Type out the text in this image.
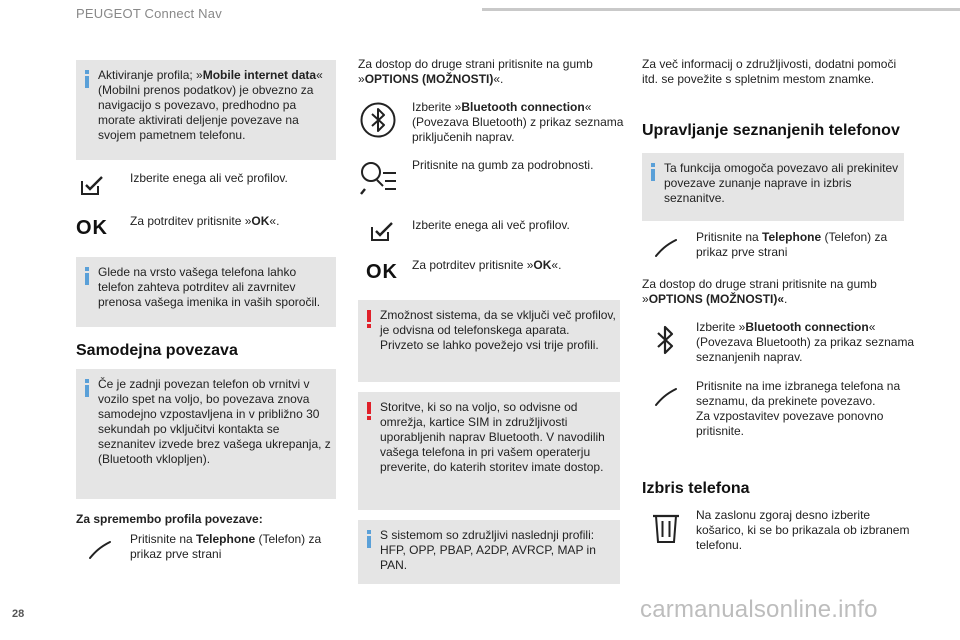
PEUGEOT Connect Nav
28	carmanualsonline.info
Aktiviranje profila; »Mobile internet data« (Mobilni prenos podatkov) je obvezno za navigacijo s povezavo, predhodno pa morate aktivirati deljenje povezave na svojem pametnem telefonu.
Izberite enega ali več profilov.
OK Za potrditev pritisnite »OK«.
Glede na vrsto vašega telefona lahko telefon zahteva potrditev ali zavrnitev prenosa vašega imenika in vaših sporočil.
Samodejna povezava
Če je zadnji povezan telefon ob vrnitvi v vozilo spet na voljo, bo povezava znova samodejno vzpostavljena in v približno 30 sekundah po vključitvi kontakta se seznanitev izvede brez vašega ukrepanja, z (Bluetooth vklopljen).
Za spremembo profila povezave:
Pritisnite na Telephone (Telefon) za prikaz prve strani
Za dostop do druge strani pritisnite na gumb »OPTIONS (MOŽNOSTI)«.
Izberite »Bluetooth connection« (Povezava Bluetooth) z prikaz seznama priključenih naprav.
Pritisnite na gumb za podrobnosti.
Izberite enega ali več profilov.
OK Za potrditev pritisnite »OK«.
Zmožnost sistema, da se vključi več profilov, je odvisna od telefonskega aparata.
Privzeto se lahko povežejo vsi trije profili.
Storitve, ki so na voljo, so odvisne od omrežja, kartice SIM in združljivosti uporabljenih naprav Bluetooth. V navodilih vašega telefona in pri vašem operaterju preverite, do katerih storitev imate dostop.
S sistemom so združljivi naslednji profili: HFP, OPP, PBAP, A2DP, AVRCP, MAP in PAN.
Za več informacij o združljivosti, dodatni pomoči itd. se povežite s spletnim mestom znamke.
Upravljanje seznanjenih telefonov
Ta funkcija omogoča povezavo ali prekinitev povezave zunanje naprave in izbris seznanitve.
Pritisnite na Telephone (Telefon) za prikaz prve strani
Za dostop do druge strani pritisnite na gumb »OPTIONS (MOŽNOSTI)«.
Izberite »Bluetooth connection« (Povezava Bluetooth) za prikaz seznama seznanjenih naprav.
Pritisnite na ime izbranega telefona na seznamu, da prekinete povezavo.
Za vzpostavitev povezave ponovno pritisnite.
Izbris telefona
Na zaslonu zgoraj desno izberite košarico, ki se bo prikazala ob izbranem telefonu.
